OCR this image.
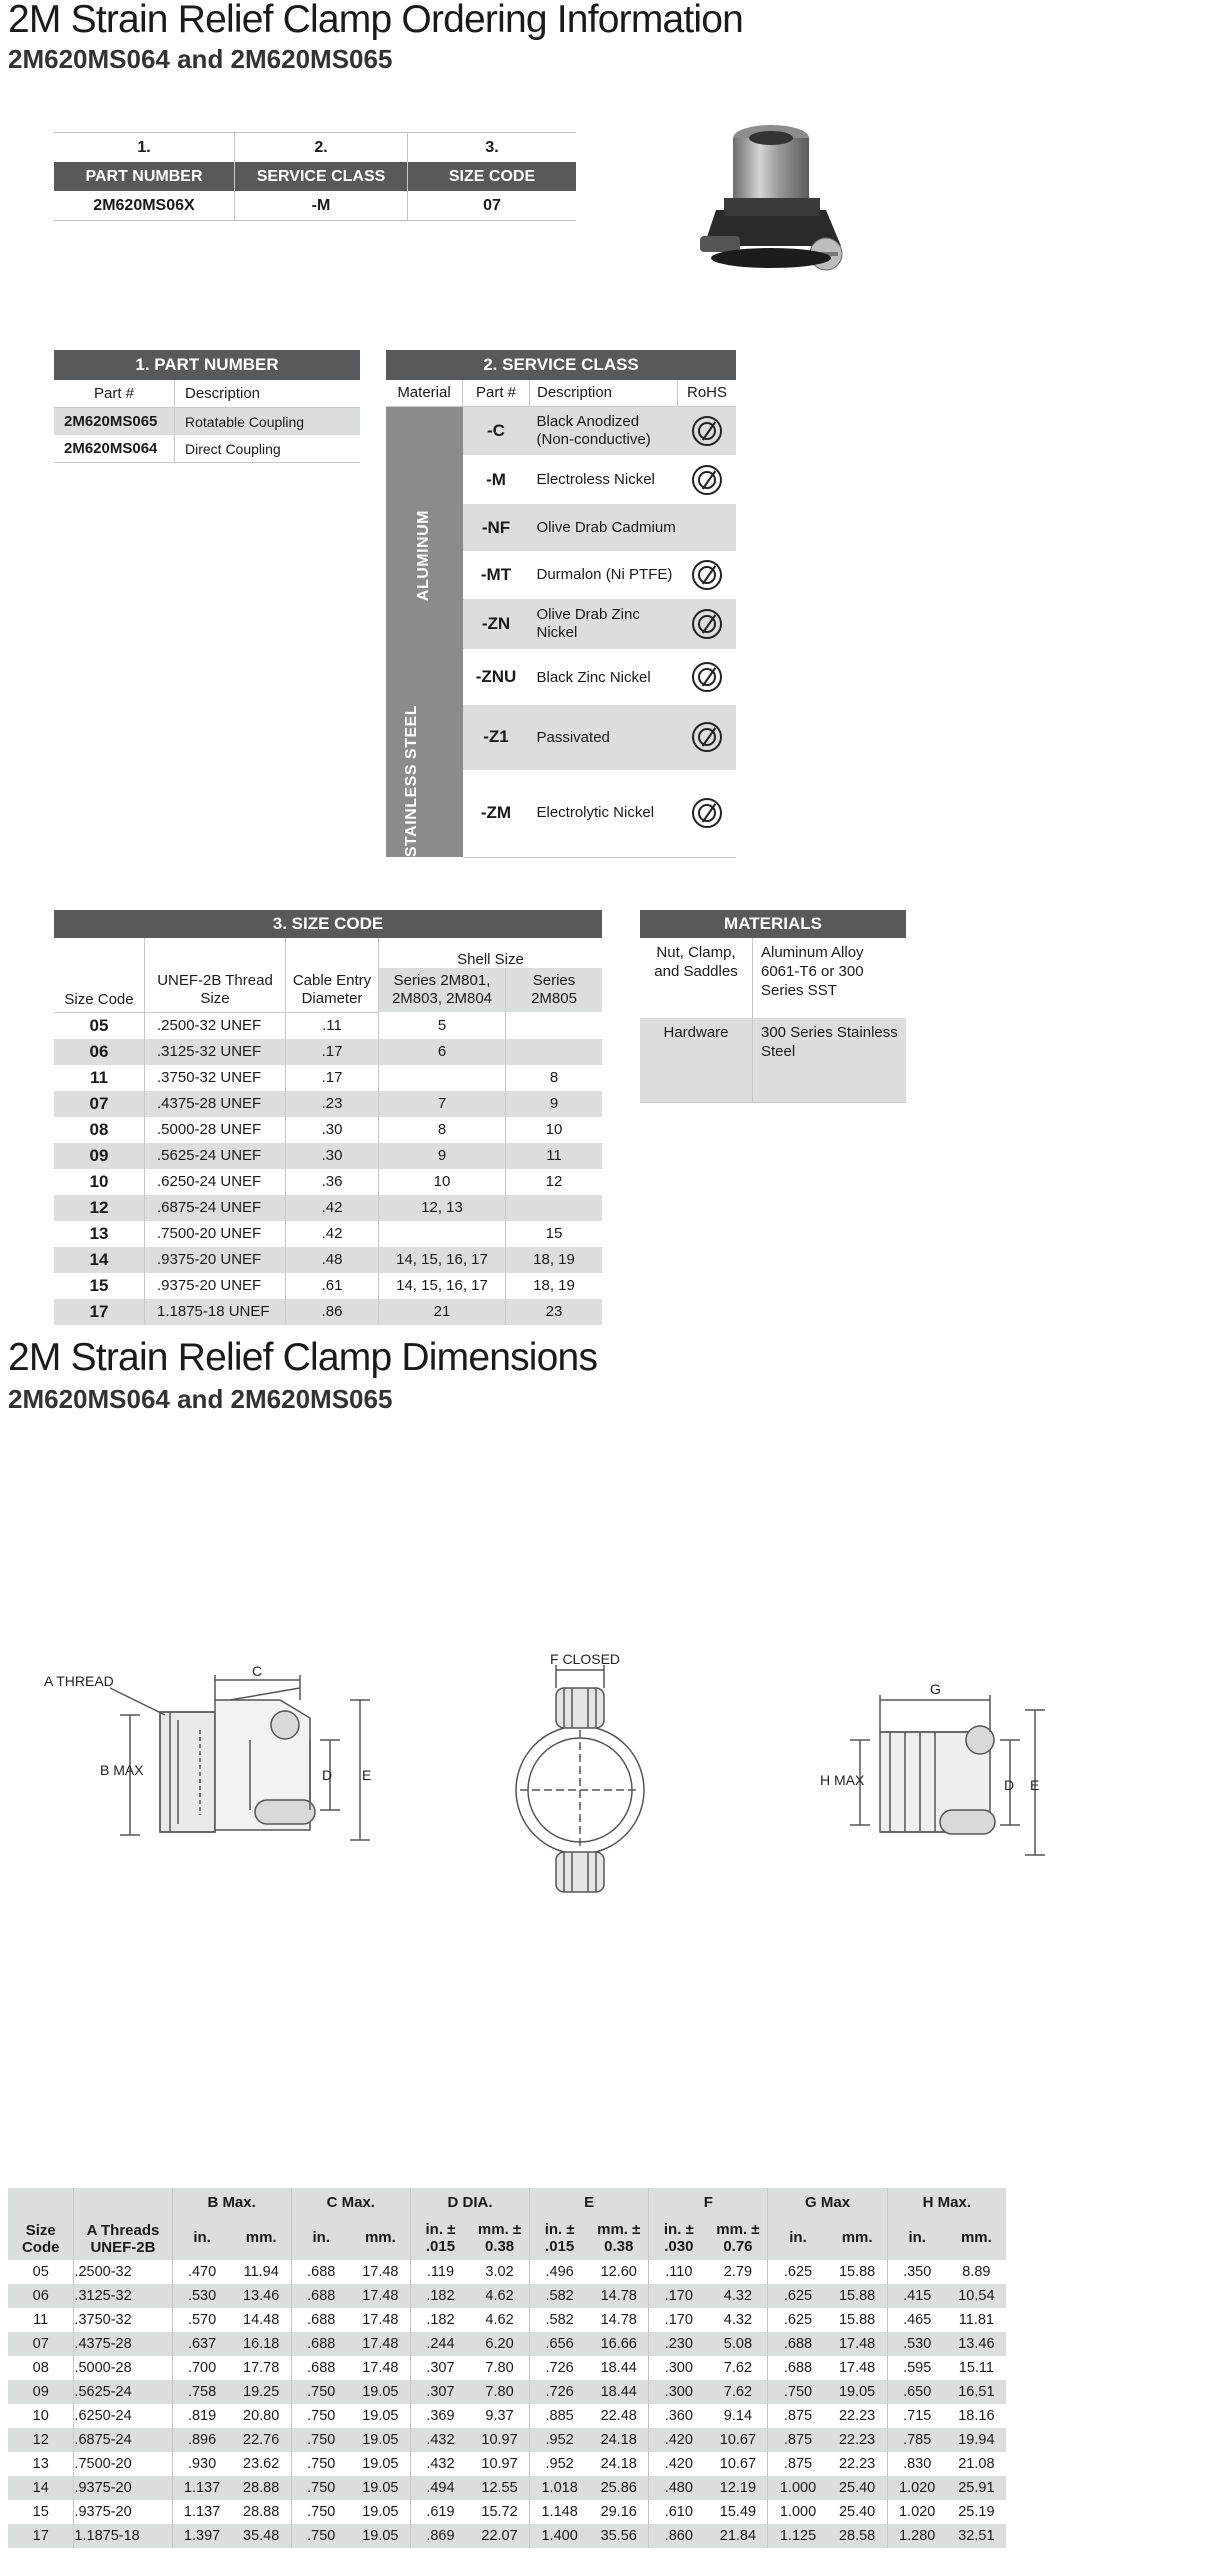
2M Strain Relief Clamp Ordering Information
2M620MS064 and 2M620MS065
1.	2.	3.
PART NUMBER	SERVICE CLASS	SIZE CODE
2M620MS06X	-M	07
1. PART NUMBER	
Part #	Description
2M620MS065	Rotatable Coupling
2M620MS064	Direct Coupling
2. SERVICE CLASS			
Material	Part #	Description	RoHS

ALUMINUM	-C	Black Anodized (Non-conductive)	

	-M	Electroless Nickel	

	-NF	Olive Drab Cadmium	
	-MT	Durmalon (Ni PTFE)	

	-ZN	Olive Drab Zinc Nickel	

	-ZNU	Black Zinc Nickel	

STAINLESS STEEL	-Z1	Passivated	

	-ZM	Electrolytic Nickel	
3. SIZE CODE				
Size Code	UNEF-2B Thread Size	Cable Entry Diameter	Shell Size	
			Series 2M801, 2M803, 2M804	Series 2M805
05	.2500-32 UNEF	.11	5	
06	.3125-32 UNEF	.17	6	
11	.3750-32 UNEF	.17		8
07	.4375-28 UNEF	.23	7	9
08	.5000-28 UNEF	.30	8	10
09	.5625-24 UNEF	.30	9	11
10	.6250-24 UNEF	.36	10	12
12	.6875-24 UNEF	.42	12, 13	
13	.7500-20 UNEF	.42		15
14	.9375-20 UNEF	.48	14, 15, 16, 17	18, 19
15	.9375-20 UNEF	.61	14, 15, 16, 17	18, 19
17	1.1875-18 UNEF	.86	21	23
MATERIALS	
Nut, Clamp, and Saddles	Aluminum Alloy 6061-T6 or 300 Series SST
Hardware	300 Series Stainless Steel
2M Strain Relief Clamp Dimensions
2M620MS064 and 2M620MS065
A THREAD
C
B MAX	D E
F CLOSED
G
H MAX	D E
Size Code	A Threads UNEF-2B	B Max.		C Max.		D DIA.		E		F		G Max		H Max.	
		in.	mm.	in.	mm.	in. ± .015	mm. ± 0.38	in. ± .015	mm. ± 0.38	in. ± .030	mm. ± 0.76	in.	mm.	in.	mm.
05	.2500-32	.470	11.94	.688	17.48	.119	3.02	.496	12.60	.110	2.79	.625	15.88	.350	8.89
06	.3125-32	.530	13.46	.688	17.48	.182	4.62	.582	14.78	.170	4.32	.625	15.88	.415	10.54
11	.3750-32	.570	14.48	.688	17.48	.182	4.62	.582	14.78	.170	4.32	.625	15.88	.465	11.81
07	.4375-28	.637	16.18	.688	17.48	.244	6.20	.656	16.66	.230	5.08	.688	17.48	.530	13.46
08	.5000-28	.700	17.78	.688	17.48	.307	7.80	.726	18.44	.300	7.62	.688	17.48	.595	15.11
09	.5625-24	.758	19.25	.750	19.05	.307	7.80	.726	18.44	.300	7.62	.750	19.05	.650	16.51
10	.6250-24	.819	20.80	.750	19.05	.369	9.37	.885	22.48	.360	9.14	.875	22.23	.715	18.16
12	.6875-24	.896	22.76	.750	19.05	.432	10.97	.952	24.18	.420	10.67	.875	22.23	.785	19.94
13	.7500-20	.930	23.62	.750	19.05	.432	10.97	.952	24.18	.420	10.67	.875	22.23	.830	21.08
14	.9375-20	1.137	28.88	.750	19.05	.494	12.55	1.018	25.86	.480	12.19	1.000	25.40	1.020	25.91
15	.9375-20	1.137	28.88	.750	19.05	.619	15.72	1.148	29.16	.610	15.49	1.000	25.40	1.020	25.19
17	1.1875-18	1.397	35.48	.750	19.05	.869	22.07	1.400	35.56	.860	21.84	1.125	28.58	1.280	32.51
